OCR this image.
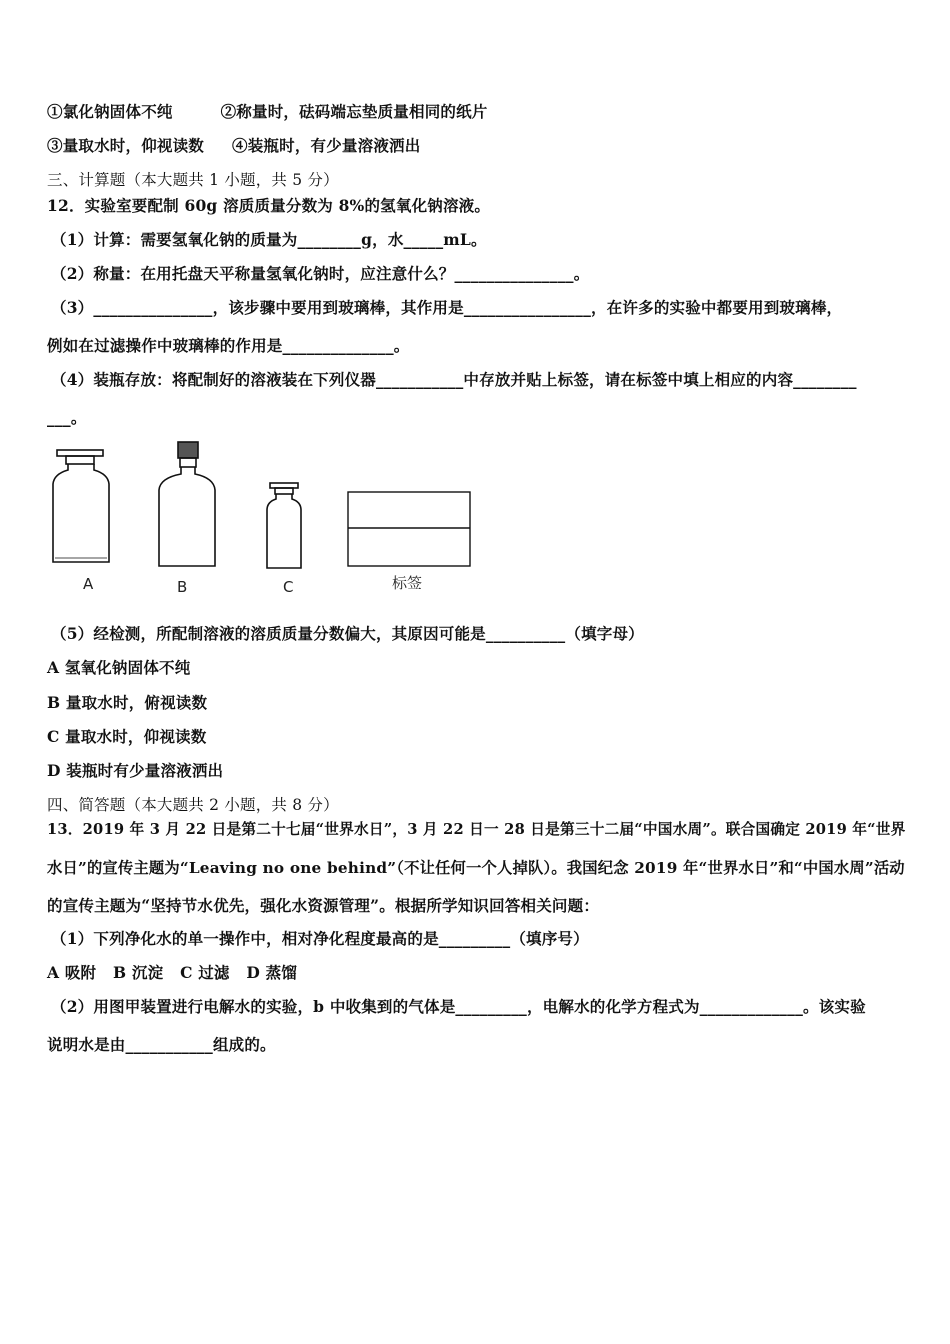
①氯化钠固体不纯	②称量时，砝码端忘垫质量相同的纸片
③量取水时，仰视读数 ④装瓶时，有少量溶液洒出
三、计算题（本大题共 1 小题，共 5 分）
12．实验室要配制 60g 溶质质量分数为 8%的氢氧化钠溶液。
（1）计算：需要氢氧化钠的质量为________g，水_____mL。
（2）称量：在用托盘天平称量氢氧化钠时，应注意什么？_______________。
（3）_______________，该步骤中要用到玻璃棒，其作用是________________，在许多的实验中都要用到玻璃棒，
例如在过滤操作中玻璃棒的作用是______________。
（4）装瓶存放：将配制好的溶液装在下列仪器___________中存放并贴上标签，请在标签中填上相应的内容________
___。
A	B	C	标签
（5）经检测，所配制溶液的溶质质量分数偏大，其原因可能是__________（填字母）
A 氢氧化钠固体不纯
B 量取水时，俯视读数
C 量取水时，仰视读数
D 装瓶时有少量溶液洒出
四、简答题（本大题共 2 小题，共 8 分）
13．2019 年 3 月 22 日是第二十七届“世界水日”，3 月 22 日一 28 日是第三十二届“中国水周”。联合国确定 2019 年“世界
水日”的宣传主题为“Leaving no one behind”（不让任何一个人掉队）。我国纪念 2019 年“世界水日”和“中国水周”活动
的宣传主题为“坚持节水优先，强化水资源管理”。根据所学知识回答相关问题：
（1）下列净化水的单一操作中，相对净化程度最高的是_________（填序号）
A 吸附   B 沉淀   C 过滤   D 蒸馏
（2）用图甲装置进行电解水的实验，b 中收集到的气体是_________，电解水的化学方程式为_____________。该实验
说明水是由___________组成的。
